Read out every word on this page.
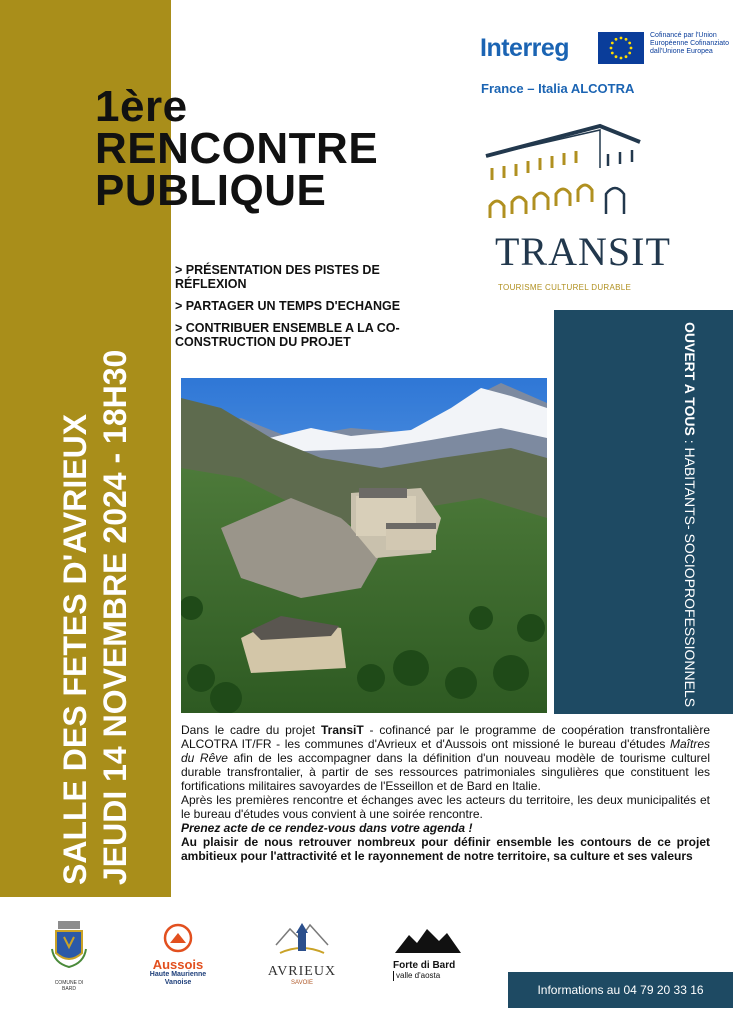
1ère
RENCONTRE
PUBLIQUE
SALLE DES FETES D'AVRIEUX JEUDI 14 NOVEMBRE 2024 - 18H30
Interreg	Cofinancé par l'Union Européenne Cofinanziato dall'Unione Europea
France – Italia ALCOTRA
TRANSIT
TOURISME CULTUREL DURABLE
> PRÉSENTATION DES PISTES DE RÉFLEXION
> PARTAGER UN TEMPS D'ECHANGE
> CONTRIBUER ENSEMBLE A LA CO-CONSTRUCTION DU PROJET	OUVERT A TOUS : HABITANTS- SOCIOPROFESSIONNELS

Dans le cadre du projet TransiT - cofinancé par le programme de coopération transfrontalière ALCOTRA IT/FR - les communes d'Avrieux et d'Aussois ont missioné le bureau d'études Maîtres du Rêve afin de les accompagner dans la définition d'un nouveau modèle de tourisme culturel durable transfrontalier, à partir de ses ressources patrimoniales singulières que constituent les fortifications militaires savoyardes de l'Esseillon et de Bard en Italie.

Après les premières rencontre et échanges avec les acteurs du territoire, les deux municipalités et le bureau d'études vous convient à une soirée rencontre.

Prenez acte de ce rendez-vous dans votre agenda !

Au plaisir de nous retrouver nombreux pour définir ensemble les contours de ce projet ambitieux pour l'attractivité et le rayonnement de notre territoire, sa culture et ses valeurs

COMUNE DI BARD
Aussois
Haute Maurienne
Vanoise
AVRIEUX
SAVOIE
Forte di Bard
valle d'aosta
Informations au 04 79 20 33 16
